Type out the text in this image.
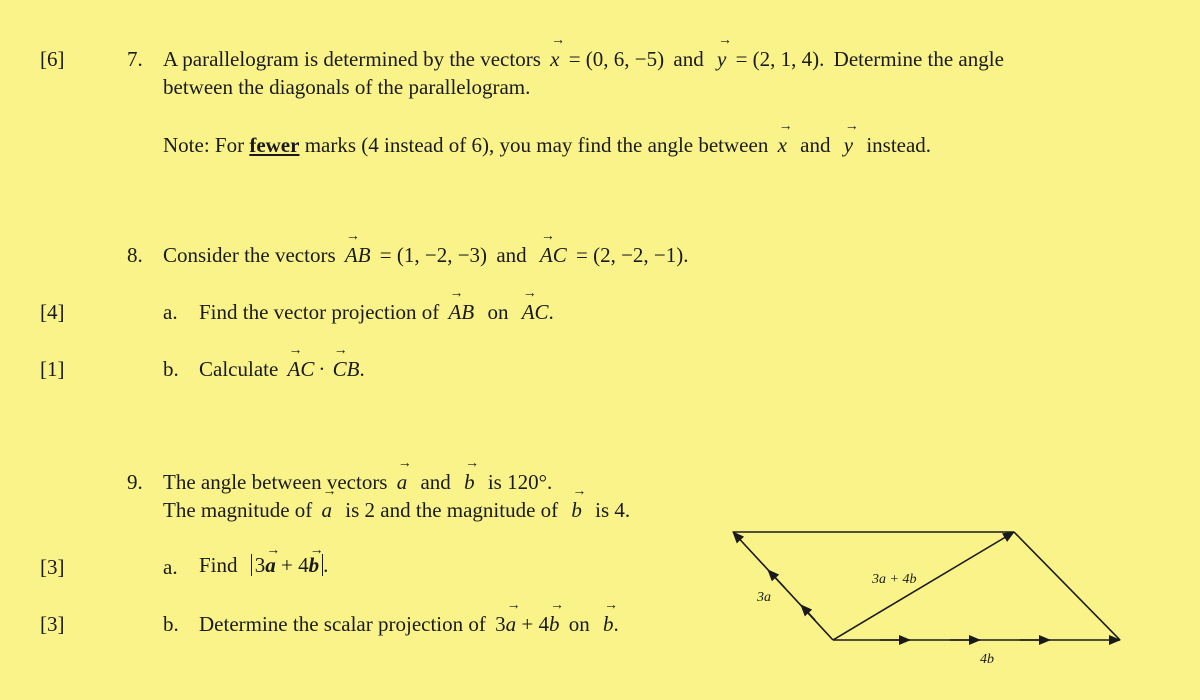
[6]	7. A parallelogram is determined by the vectors x → = (0, 6, −5) and y → = (2, 1, 4). Determine the angle
between the diagonals of the parallelogram.
Note: For fewer marks (4 instead of 6), you may find the angle between x → and y → instead.
8. Consider the vectors AB → = (1, −2, −3) and AC → = (2, −2, −1).
[4]	a. Find the vector projection of AB → on AC →.
[1]	b. Calculate AC → · CB →.
9. The angle between vectors a → and b → is 120°.
The magnitude of a → is 2 and the magnitude of b → is 4.
[3]	a. Find 3a → + 4b → .
[3]	b. Determine the scalar projection of 3a → + 4b → on b →.
3a + 4b
3a
4b
